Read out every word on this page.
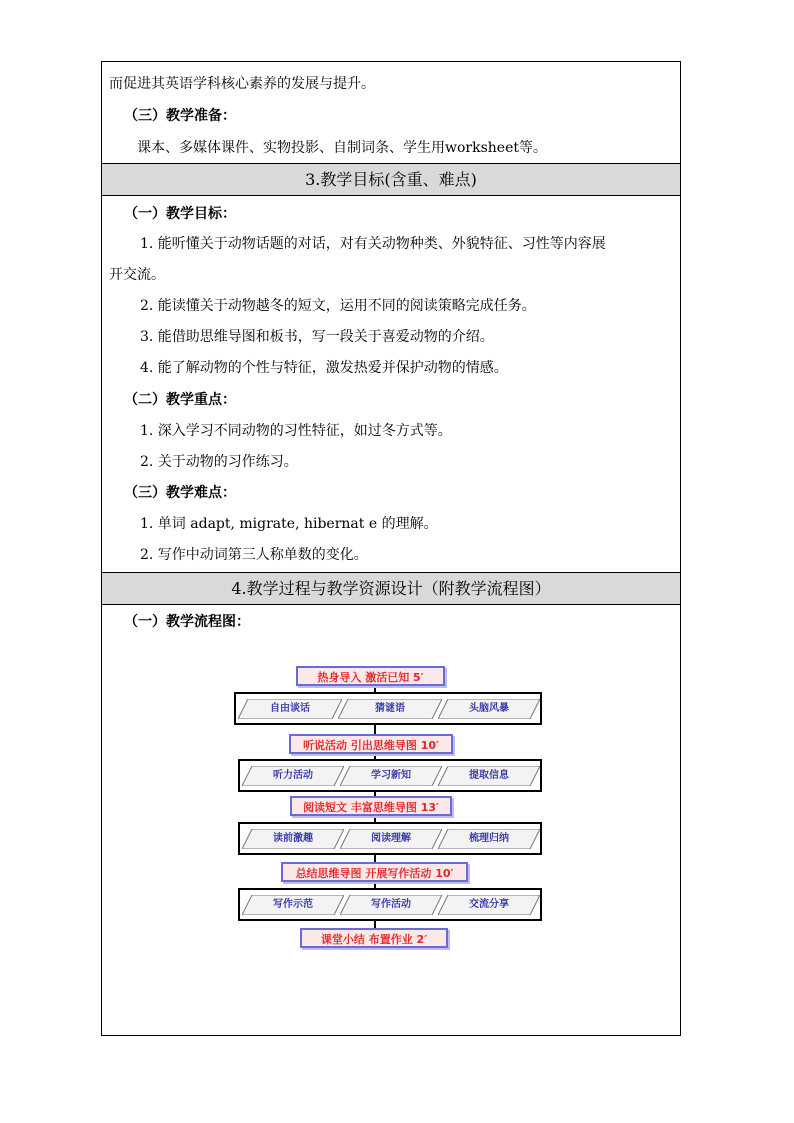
而促进其英语学科核心素养的发展与提升。
（三）教学准备：
课本、多媒体课件、实物投影、自制词条、学生用worksheet等。
3.教学目标(含重、难点)
（一）教学目标：
1. 能听懂关于动物话题的对话，对有关动物种类、外貌特征、习性等内容展
开交流。
2. 能读懂关于动物越冬的短文，运用不同的阅读策略完成任务。
3. 能借助思维导图和板书，写一段关于喜爱动物的介绍。
4. 能了解动物的个性与特征，激发热爱并保护动物的情感。
（二）教学重点：
1. 深入学习不同动物的习性特征，如过冬方式等。
2. 关于动物的习作练习。
（三）教学难点：
1. 单词 adapt, migrate, hibernat e 的理解。
2. 写作中动词第三人称单数的变化。
4.教学过程与教学资源设计（附教学流程图）
（一）教学流程图：
热身导入 激活已知 5′
自由谈话	猜谜语	头脑风暴
听说活动 引出思维导图 10′
听力活动	学习新知	提取信息
阅读短文 丰富思维导图 13′
读前激趣	阅读理解	梳理归纳
总结思维导图 开展写作活动 10′
写作示范	写作活动	交流分享
课堂小结 布置作业 2′
